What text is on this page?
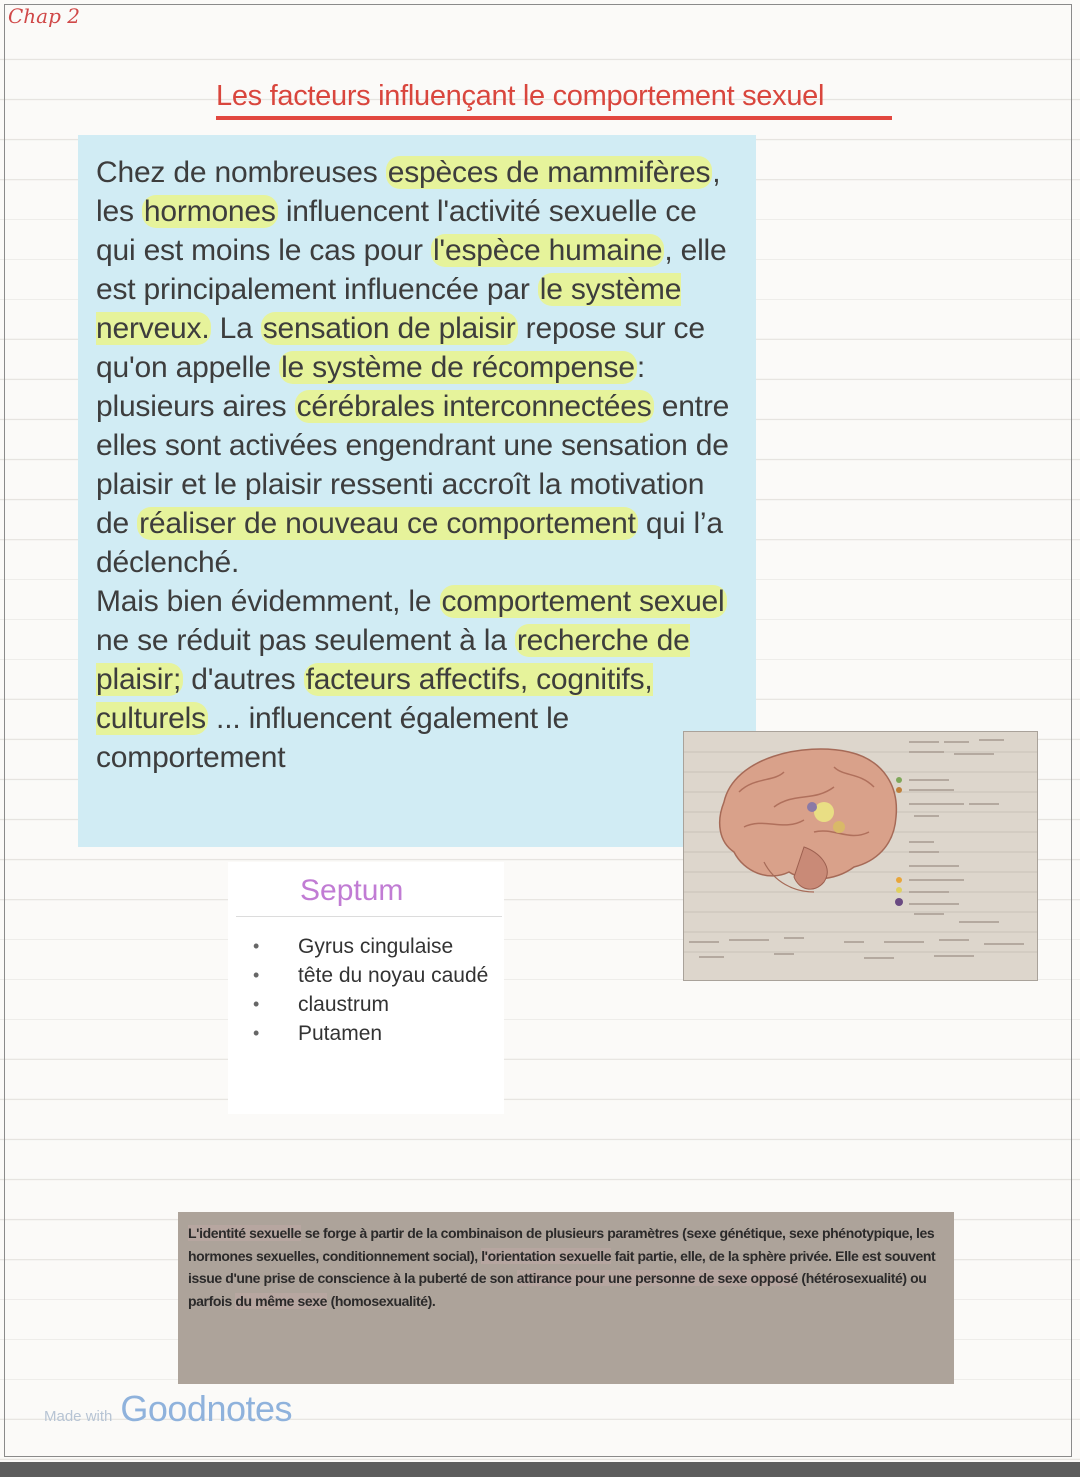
Chap 2
Les facteurs influençant le comportement sexuel
Chez de nombreuses espèces de mammifères, les hormones influencent l'activité sexuelle ce qui est moins le cas pour l'espèce humaine, elle est principalement influencée par le système nerveux. La sensation de plaisir repose sur ce qu'on appelle le système de récompense: plusieurs aires cérébrales interconnectées entre elles sont activées engendrant une sensation de plaisir et le plaisir ressenti accroît la motivation de réaliser de nouveau ce comportement qui l’a déclenché.
Mais bien évidemment, le comportement sexuel ne se réduit pas seulement à la recherche de plaisir; d'autres facteurs affectifs, cognitifs, culturels ... influencent également le comportement
Septum
• Gyrus cingulaise
• tête du noyau caudé
• claustrum
• Putamen
L'identité sexuelle se forge à partir de la combinaison de plusieurs paramètres (sexe génétique, sexe phénotypique, les hormones sexuelles, conditionnement social), l'orientation sexuelle fait partie, elle, de la sphère privée. Elle est souvent issue d'une prise de conscience à la puberté de son attirance pour une personne de sexe opposé (hétérosexualité) ou parfois du même sexe (homosexualité).
Made with Goodnotes
